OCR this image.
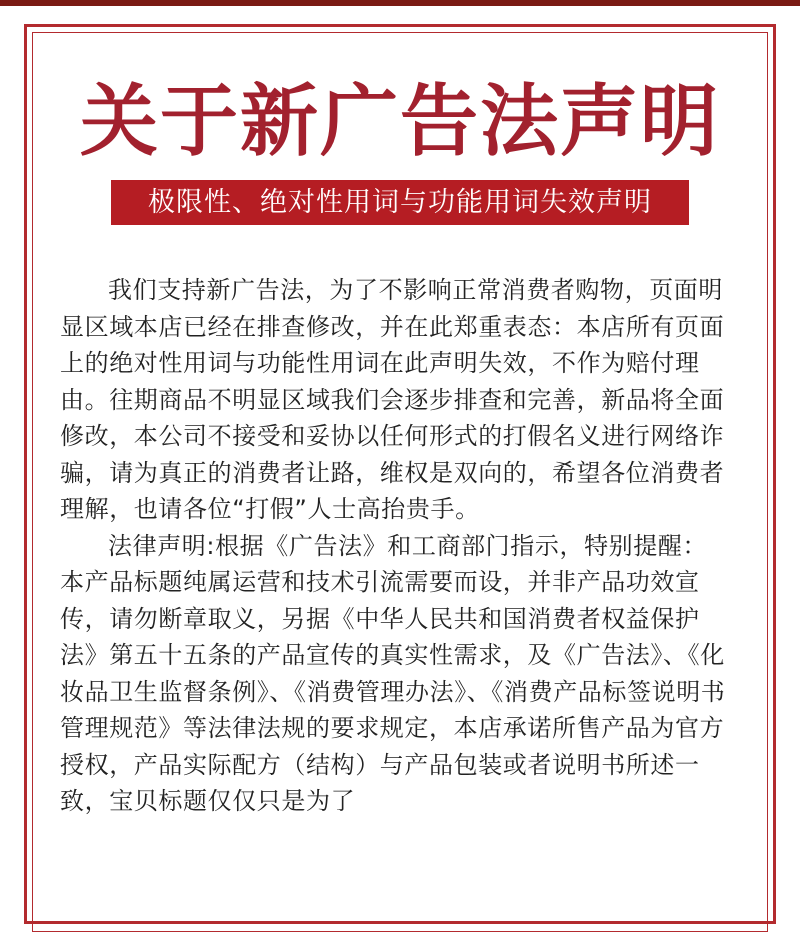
关于新广告法声明
极限性、绝对性用词与功能用词失效声明

我们支持新广告法，为了不影响正常消费者购物，页面明显区域本店已经在排查修改，并在此郑重表态：本店所有页面上的绝对性用词与功能性用词在此声明失效，不作为赔付理由。往期商品不明显区域我们会逐步排查和完善，新品将全面修改，本公司不接受和妥协以任何形式的打假名义进行网络诈骗，请为真正的消费者让路，维权是双向的，希望各位消费者理解，也请各位“打假”人士高抬贵手。

法律声明:根据《广告法》和工商部门指示，特别提醒：本产品标题纯属运营和技术引流需要而设，并非产品功效宣传，请勿断章取义，另据《中华人民共和国消费者权益保护法》第五十五条的产品宣传的真实性需求，及《广告法》、《化妆品卫生监督条例》、《消费管理办法》、《消费产品标签说明书管理规范》等法律法规的要求规定，本店承诺所售产品为官方授权，产品实际配方（结构）与产品包装或者说明书所述一致，宝贝标题仅仅只是为了
